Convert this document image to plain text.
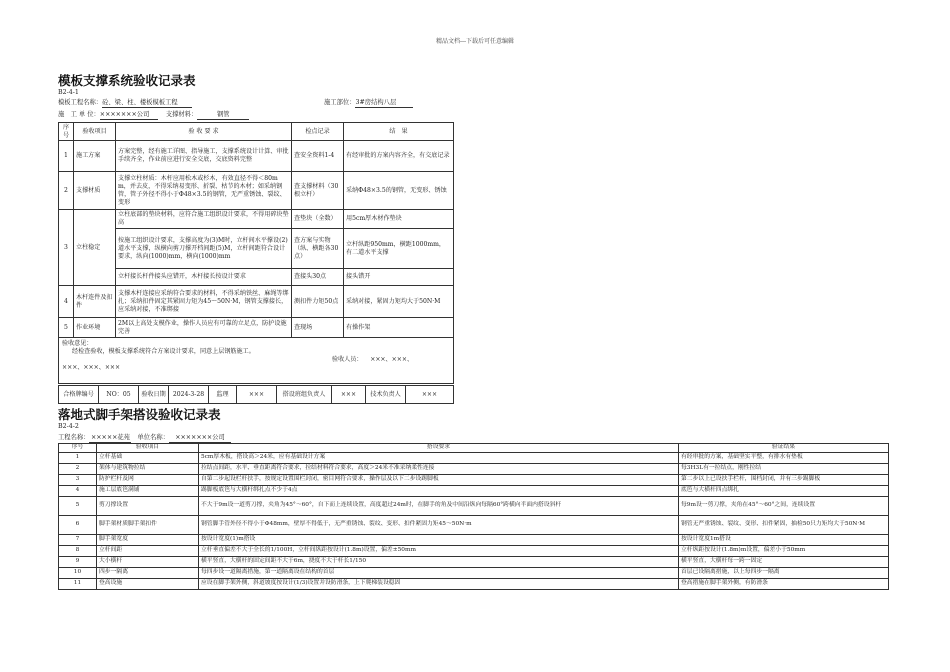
精品文档---下载后可任意编辑
模板支撑系统验收记录表
B2-4-1
模板工程名称：砼、梁、柱、楼板模板工程	施工部位：3#房结构八层
施　工 单 位：×××××××公司	支撑材料：	钢管
序号	验收项目	验 收 要 求	检点记录	结　果
1	施工方案	方案完整，经有施工详图、指导施工，支撑系统设计计算、审批手续齐全，作业前应进行安全交底，交底资料完整	查安全资料1-4	有经审批的方案内容齐全，有交底记录
2	支撑材质	支撑立柱材质：木杆应用松木或杉木，有效直径不得＜80mm，并去皮，不得采纳易变形、折裂、枯节的木材；如采纳钢管，管子外径不得小于Φ48×3.5的钢管，无严重锈蚀、裂纹、变形	查支撑材料（30根立杆）	采纳Φ48×3.5的钢管，无变形、锈蚀
3	立柱稳定	立柱底部的垫块材料，应符合施工组织设计要求，不得用碎块垫高	查垫块（全数）	用5cm厚木材作垫块
		按施工组织设计要求，支撑高度为(3)M时，立杆间水平撑设(2)道水平支撑，纵横向剪刀撑开档间距(5)M，立杆间距符合设计要求，纵向(1000)mm，横向(1000)mm	查方案与实物（纵、横距各30点）	立杆纵距950mm，横距1000mm，有二道水平支撑
		立杆接长杆件接头应错开，木杆接长按设计要求	查接头30点	接头错开
4	木杆连件及扣件	支撑木杆连接应采纳符合要求的材料，不得采纳铁丝、麻绳等绑扎；采纳扣件固定其紧固力矩为45～50N·M，钢管支撑接长，应采纳对接，不准绑接	测扣件力矩50点	采纳对接，紧固力矩均大于50N·M
5	作业环境	2M以上高处支模作业，操作人员应有可靠的立足点，防护设施完善	查现场	有操作架

验收意见：
经检查验收，模板支撑系统符合方案设计要求，同意上层钢筋施工。
验收人员： ×××、×××、
×××、×××、×××				
合格牌编号	NO：05	验收日期	2024-3-28	监理	×××	搭设班组负责人	×××	技术负责人	×××
落地式脚手架搭设验收记录表
B2-4-2
工程名称： ×××××花苑 单位名称： ×××××××公司
序号	验收项目	搭设要求	验证结果
1	立杆基础	5cm厚木板，搭设高＞24米，应有基础设计方案	有经审批的方案，基础坚实平整，有排水有垫板
2	架体与建筑物拉结	拉结点间距，水平、垂直距离符合要求，拉结材料符合要求，高度＞24米不准采纳柔性连接	每3H3L有一拉结点，刚性拉结
3	防护栏杆及网	自第二步起设栏杆扶手，按规定设置围栏封闭，密目网符合要求，操作层及以下二步设踢脚板	第二步以上已设扶手栏杆，围档封闭，并有三步踢脚板
4	施工层底笆满铺	踢脚板底笆与大横杆绑扎点不少于4点	底笆与大横杆四点绑扎
5	剪刀撑设置	不大于9m设一道剪刀撑，夹角为45°～60°，自下而上连续设置，高度超过24m时，在脚手的角及中间沿纵向每隔60°跨横向半面内搭设斜杆	每9m设一剪刀撑，夹角在45°～60°之间，连续设置
6	脚手架材质脚手架扣件	钢管脚手管外径不得小于Φ48mm，壁厚不得低于，无严重锈蚀、裂纹、变形、扣件紧固力矩45～50N·m	钢管无严重锈蚀、裂纹、变形、扣件紧固，抽检50只力矩均大于50N·M
7	脚手架宽度	按设计宽度(1)m搭设	按设计宽度1m搭设
8	立杆间距	立杆垂直偏差不大于全长的1/100H，立杆间纵距按设计(1.8m)设置，偏差±50mm	立杆纵距按设计(1.8m)m设置，偏差小于50mm
9	大小横杆	横平竖直，大横杆的固定间距不大于6m，挠度不大于杆长1/150	横平竖直，大横杆每一跨一固定
10	四步一隔离	每四步设一道隔离措施，第一道隔离设在结构的首层	首层已设隔离措施，以上每四步一隔离
11	登高设施	应设在脚手架外侧，斜道坡度按设计(1/3)设置并设防滑条，上下爬梯装设稳固	登高措施在脚手架外侧，有防滑条
